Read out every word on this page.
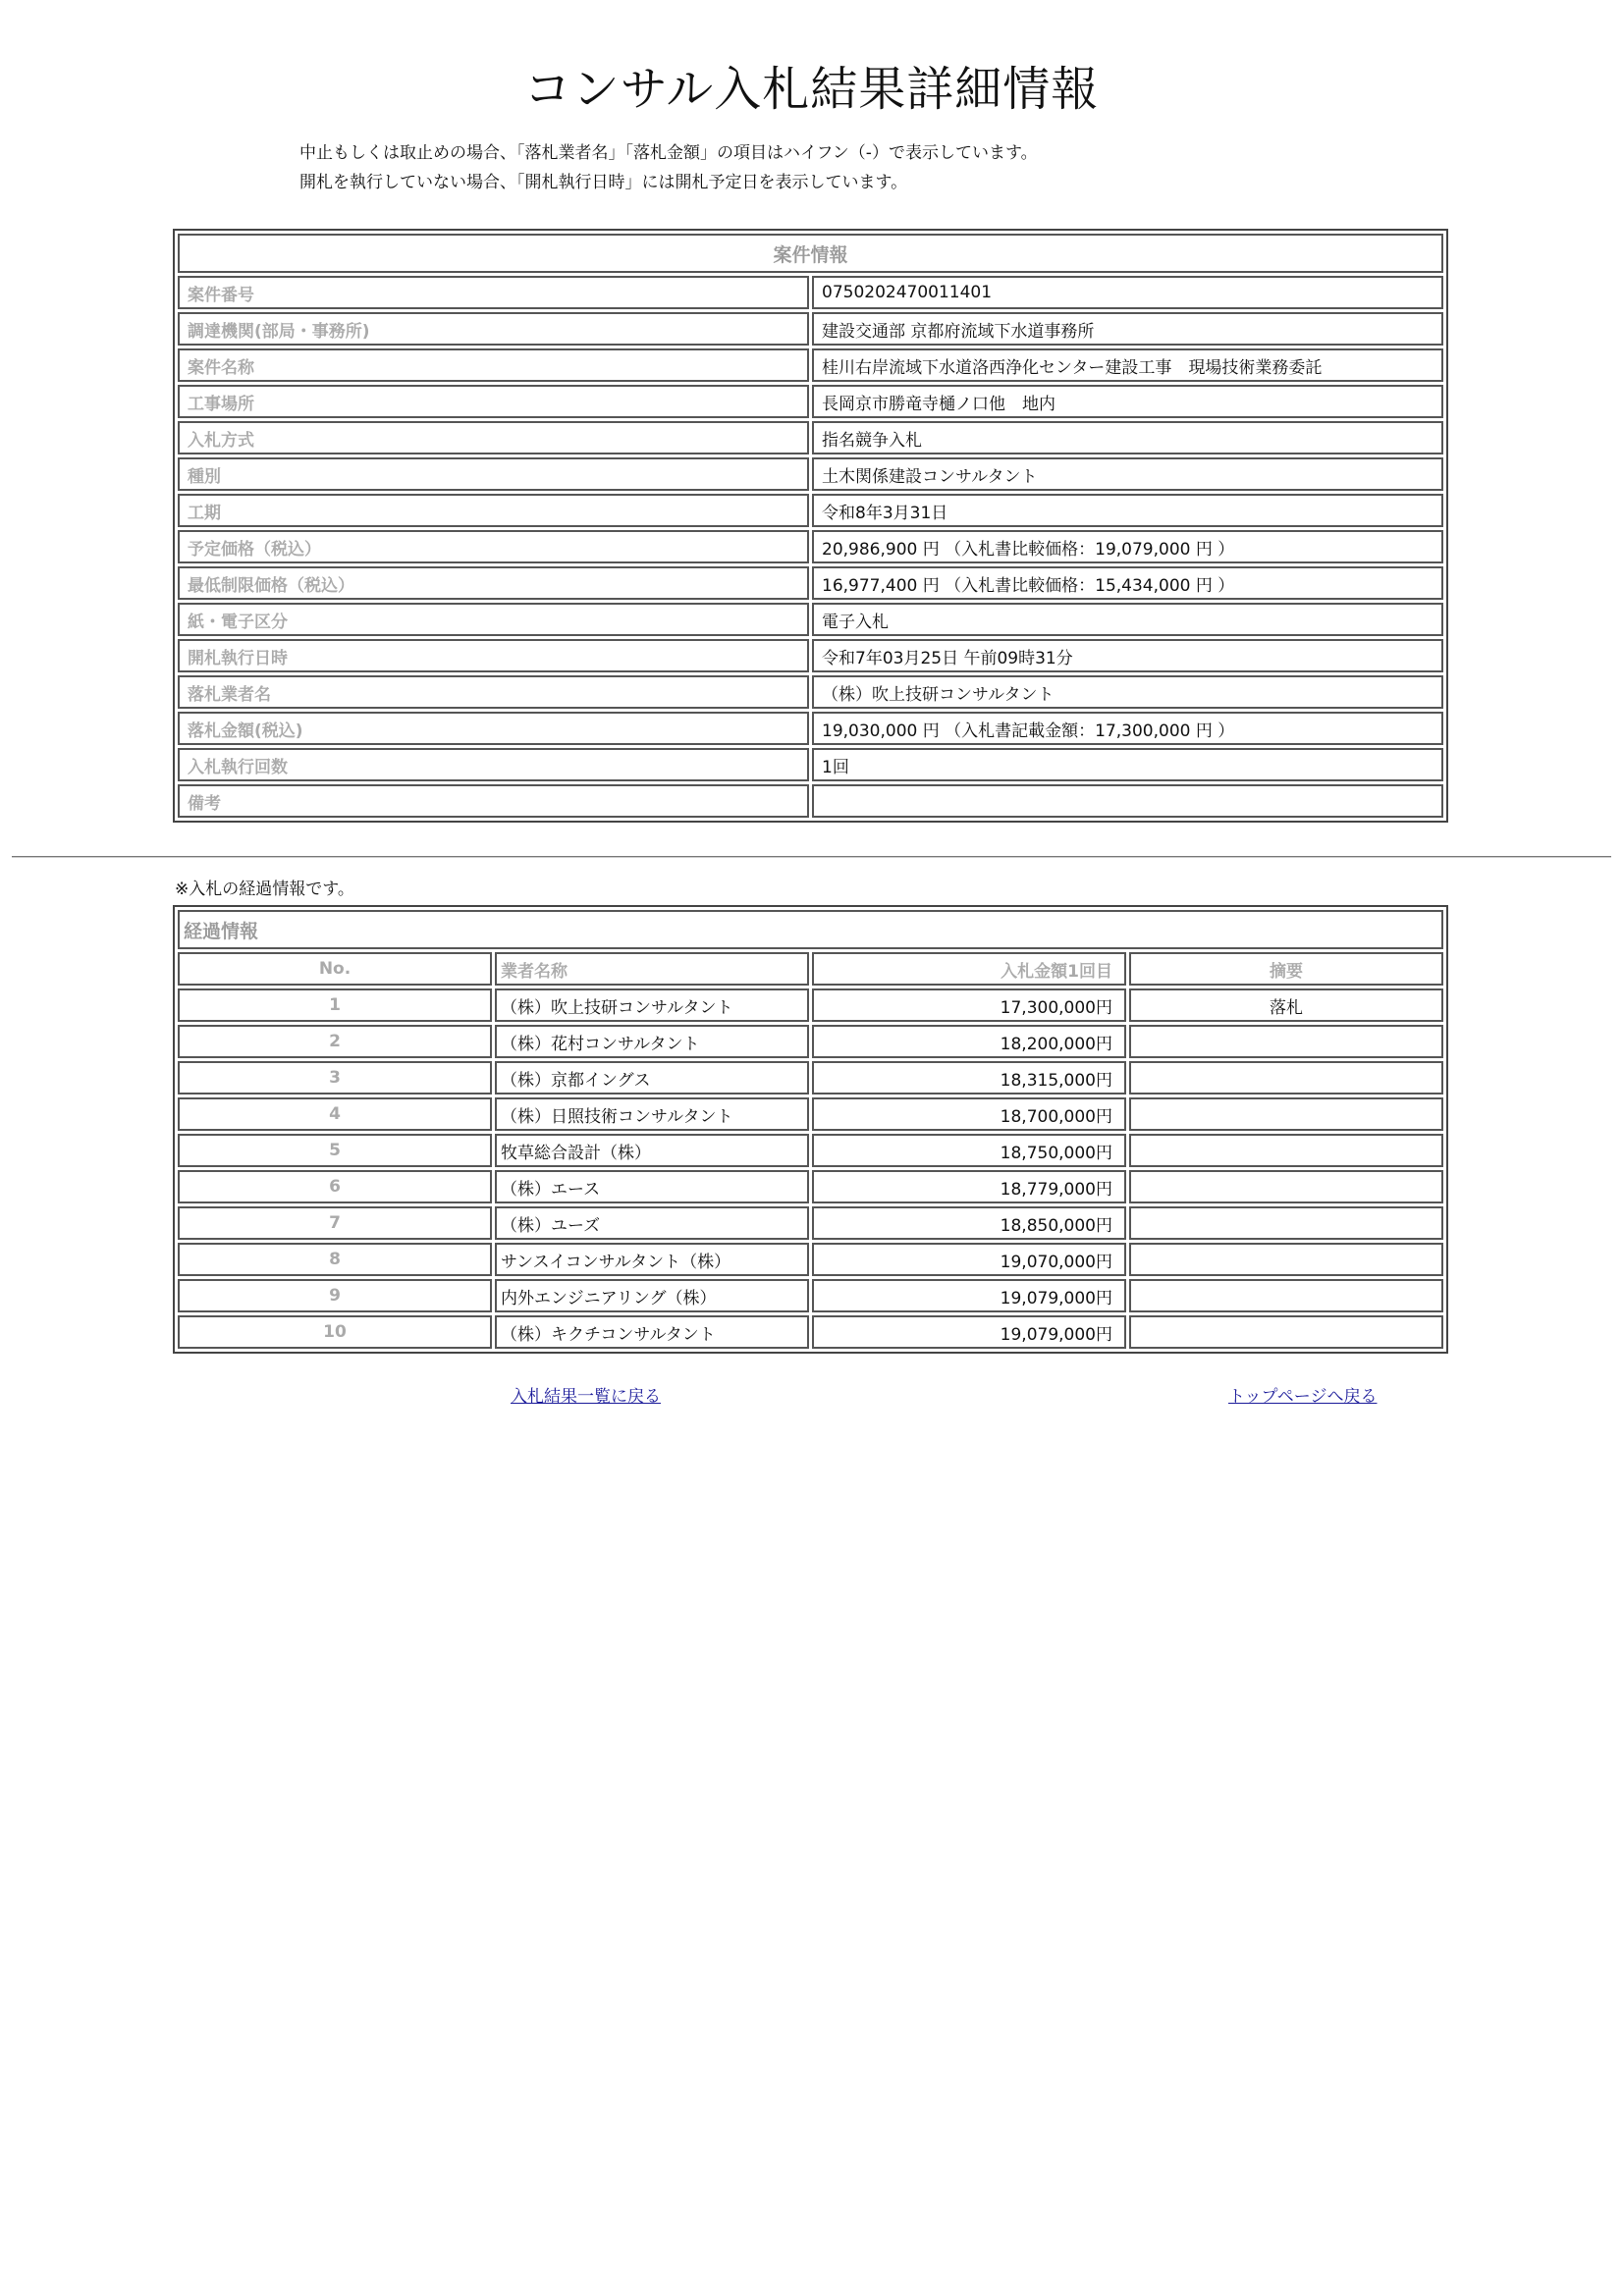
コンサル入札結果詳細情報
中止もしくは取止めの場合、「落札業者名」「落札金額」の項目はハイフン（-）で表示しています。
開札を執行していない場合、「開札執行日時」には開札予定日を表示しています。
案件情報	
案件番号	0750202470011401
調達機関(部局・事務所)	建設交通部 京都府流域下水道事務所
案件名称	桂川右岸流域下水道洛西浄化センター建設工事　現場技術業務委託
工事場所	長岡京市勝竜寺樋ノ口他　地内
入札方式	指名競争入札
種別	土木関係建設コンサルタント
工期	令和8年3月31日
予定価格（税込）	20,986,900 円 （入札書比較価格：19,079,000 円 ）
最低制限価格（税込）	16,977,400 円 （入札書比較価格：15,434,000 円 ）
紙・電子区分	電子入札
開札執行日時	令和7年03月25日 午前09時31分
落札業者名	（株）吹上技研コンサルタント
落札金額(税込)	19,030,000 円 （入札書記載金額：17,300,000 円 ）
入札執行回数	1回
備考	
※入札の経過情報です。
経過情報			
No.	業者名称	入札金額1回目	摘要
1	（株）吹上技研コンサルタント	17,300,000円	落札
2	（株）花村コンサルタント	18,200,000円	
3	（株）京都イングス	18,315,000円	
4	（株）日照技術コンサルタント	18,700,000円	
5	牧草総合設計（株）	18,750,000円	
6	（株）エース	18,779,000円	
7	（株）ユーズ	18,850,000円	
8	サンスイコンサルタント（株）	19,070,000円	
9	内外エンジニアリング（株）	19,079,000円	
10	（株）キクチコンサルタント	19,079,000円	
入札結果一覧に戻る	トップページへ戻る
